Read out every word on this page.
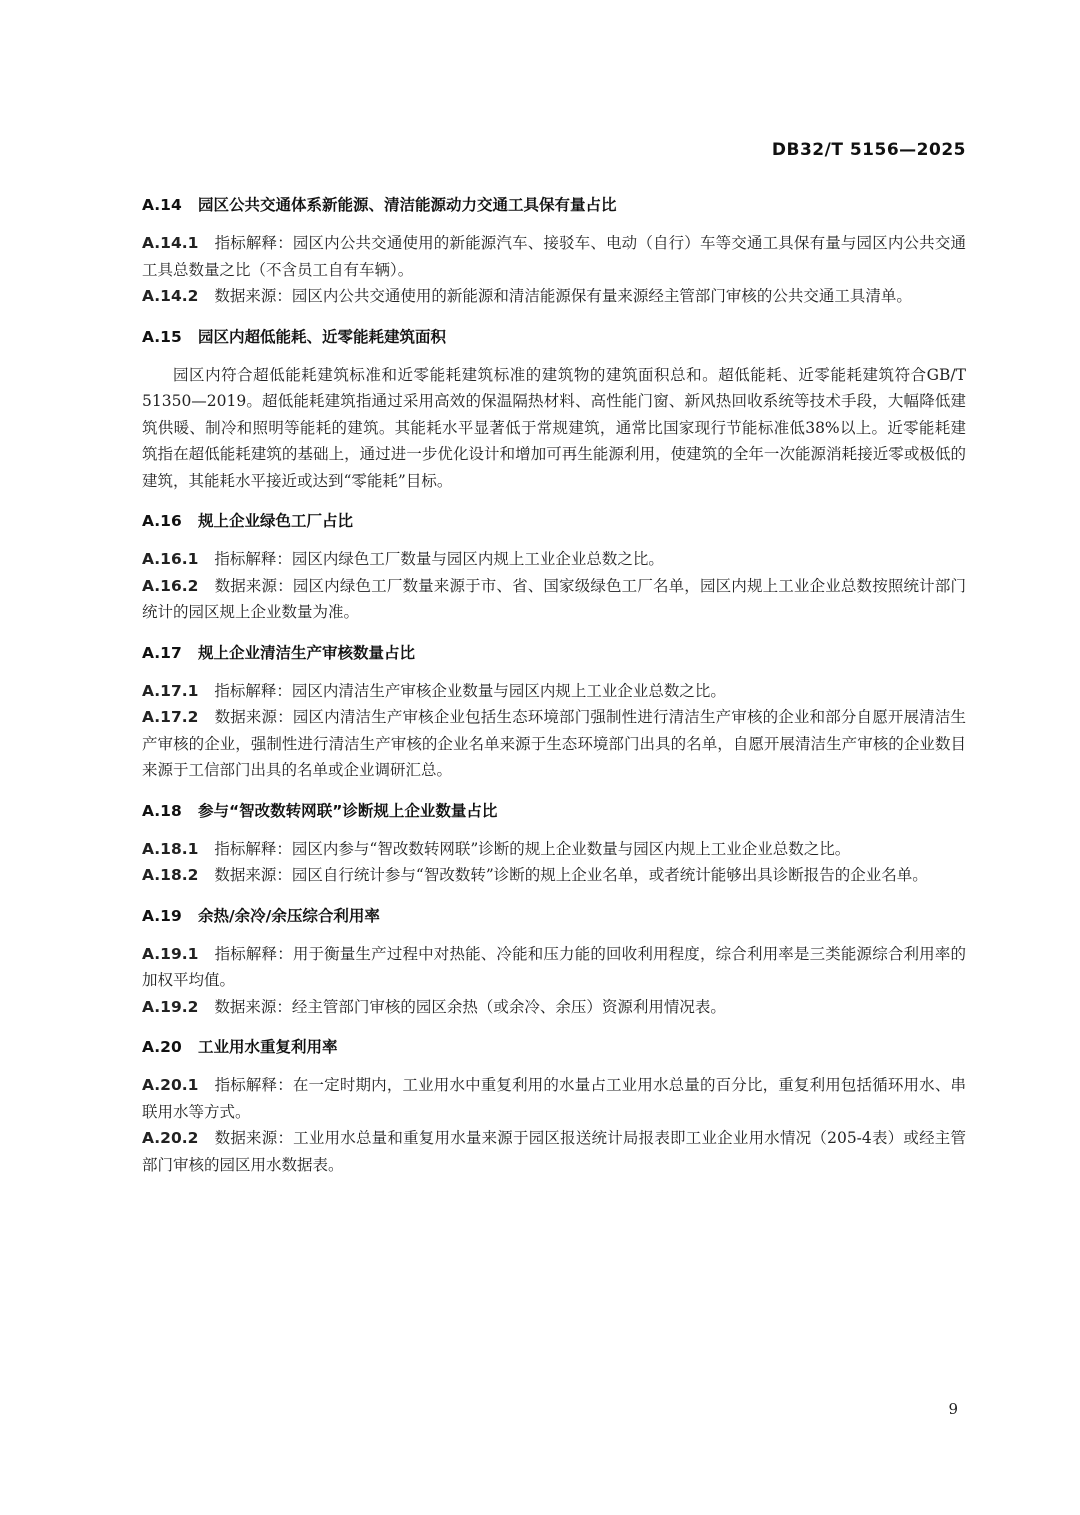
DB32/T 5156—2025
A.14 园区公共交通体系新能源、清洁能源动力交通工具保有量占比

A.14.1 指标解释：园区内公共交通使用的新能源汽车、接驳车、电动（自行）车等交通工具保有量与园区内公共交通工具总数量之比（不含员工自有车辆）。

A.14.2 数据来源：园区内公共交通使用的新能源和清洁能源保有量来源经主管部门审核的公共交通工具清单。

A.15 园区内超低能耗、近零能耗建筑面积

园区内符合超低能耗建筑标准和近零能耗建筑标准的建筑物的建筑面积总和。超低能耗、近零能耗建筑符合GB/T 51350—2019。超低能耗建筑指通过采用高效的保温隔热材料、高性能门窗、新风热回收系统等技术手段，大幅降低建筑供暖、制冷和照明等能耗的建筑。其能耗水平显著低于常规建筑，通常比国家现行节能标准低38%以上。近零能耗建筑指在超低能耗建筑的基础上，通过进一步优化设计和增加可再生能源利用，使建筑的全年一次能源消耗接近零或极低的建筑，其能耗水平接近或达到“零能耗”目标。

A.16 规上企业绿色工厂占比

A.16.1 指标解释：园区内绿色工厂数量与园区内规上工业企业总数之比。

A.16.2 数据来源：园区内绿色工厂数量来源于市、省、国家级绿色工厂名单，园区内规上工业企业总数按照统计部门统计的园区规上企业数量为准。

A.17 规上企业清洁生产审核数量占比

A.17.1 指标解释：园区内清洁生产审核企业数量与园区内规上工业企业总数之比。

A.17.2 数据来源：园区内清洁生产审核企业包括生态环境部门强制性进行清洁生产审核的企业和部分自愿开展清洁生产审核的企业，强制性进行清洁生产审核的企业名单来源于生态环境部门出具的名单，自愿开展清洁生产审核的企业数目来源于工信部门出具的名单或企业调研汇总。

A.18 参与“智改数转网联”诊断规上企业数量占比

A.18.1 指标解释：园区内参与“智改数转网联”诊断的规上企业数量与园区内规上工业企业总数之比。

A.18.2 数据来源：园区自行统计参与“智改数转”诊断的规上企业名单，或者统计能够出具诊断报告的企业名单。

A.19 余热/余冷/余压综合利用率

A.19.1 指标解释：用于衡量生产过程中对热能、冷能和压力能的回收利用程度，综合利用率是三类能源综合利用率的加权平均值。

A.19.2 数据来源：经主管部门审核的园区余热（或余冷、余压）资源利用情况表。

A.20 工业用水重复利用率

A.20.1 指标解释：在一定时期内，工业用水中重复利用的水量占工业用水总量的百分比，重复利用包括循环用水、串联用水等方式。

A.20.2 数据来源：工业用水总量和重复用水量来源于园区报送统计局报表即工业企业用水情况（205-4表）或经主管部门审核的园区用水数据表。

9
